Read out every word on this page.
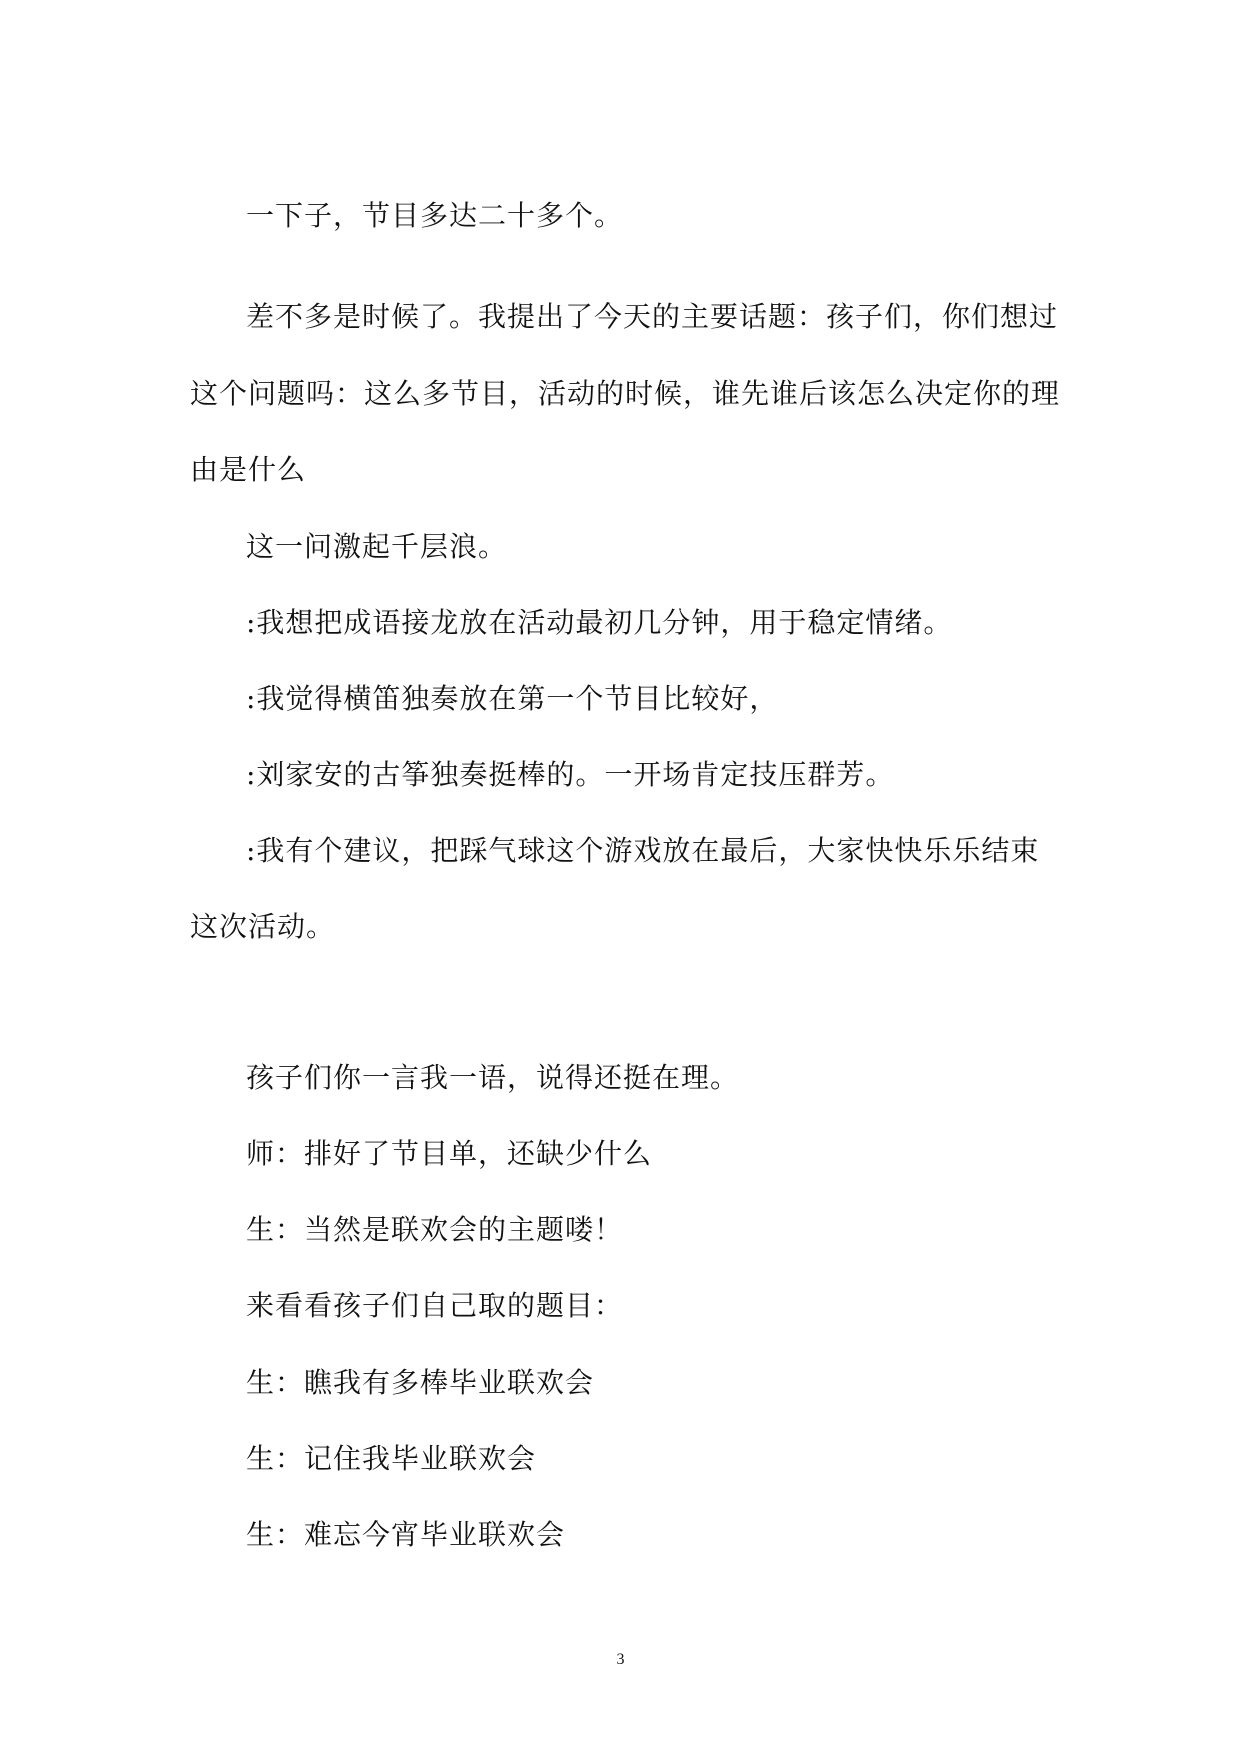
一下子，节目多达二十多个。
差不多是时候了。我提出了今天的主要话题：孩子们，你们想过
这个问题吗：这么多节目，活动的时候，谁先谁后该怎么决定你的理
由是什么
这一问激起千层浪。
:我想把成语接龙放在活动最初几分钟，用于稳定情绪。
:我觉得横笛独奏放在第一个节目比较好，
:刘家安的古筝独奏挺棒的。一开场肯定技压群芳。
:我有个建议，把踩气球这个游戏放在最后，大家快快乐乐结束
这次活动。
孩子们你一言我一语，说得还挺在理。
师：排好了节目单，还缺少什么
生：当然是联欢会的主题喽！
来看看孩子们自己取的题目：
生：瞧我有多棒毕业联欢会
生：记住我毕业联欢会
生：难忘今宵毕业联欢会
3
